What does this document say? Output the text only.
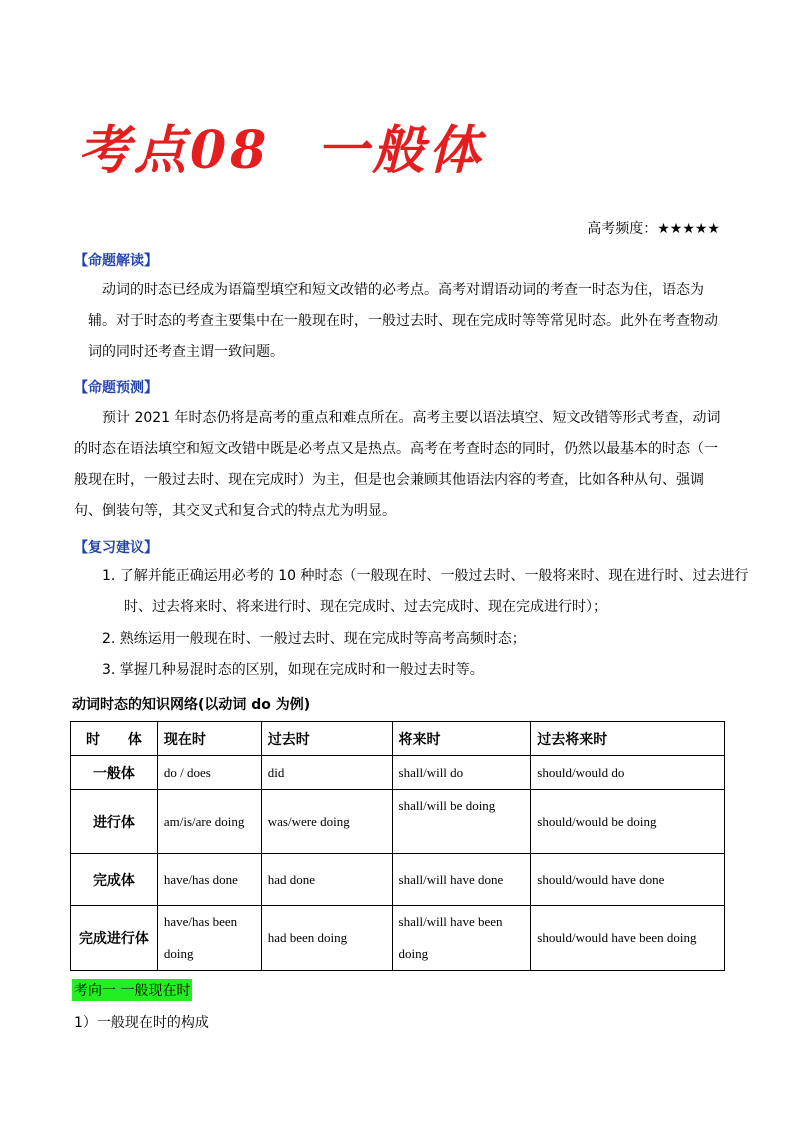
考点08 一般体
高考频度：★★★★★
【命题解读】
动词的时态已经成为语篇型填空和短文改错的必考点。高考对谓语动词的考查一时态为住，语态为辅。对于时态的考查主要集中在一般现在时，一般过去时、现在完成时等等常见时态。此外在考查物动词的同时还考查主谓一致问题。
【命题预测】
预计 2021 年时态仍将是高考的重点和难点所在。高考主要以语法填空、短文改错等形式考查，动词的时态在语法填空和短文改错中既是必考点又是热点。高考在考查时态的同时，仍然以最基本的时态（一般现在时，一般过去时、现在完成时）为主，但是也会兼顾其他语法内容的考查，比如各种从句、强调句、倒装句等，其交叉式和复合式的特点尤为明显。
【复习建议】
1. 了解并能正确运用必考的 10 种时态（一般现在时、一般过去时、一般将来时、现在进行时、过去进行时、过去将来时、将来进行时、现在完成时、过去完成时、现在完成进行时）；
2. 熟练运用一般现在时、一般过去时、现在完成时等高考高频时态；
3. 掌握几种易混时态的区别，如现在完成时和一般过去时等。
动词时态的知识网络(以动词 do 为例)
时　　体	现在时	过去时	将来时	过去将来时
一般体	do / does	did	shall/will do	should/would do
进行体	am/is/are doing	was/were doing	shall/will be doing	should/would be doing
完成体	have/has done	had done	shall/will have done	should/would have done
完成进行体	have/has been doing	had been doing	shall/will have been doing	should/would have been doing
考向一 一般现在时
1）一般现在时的构成
